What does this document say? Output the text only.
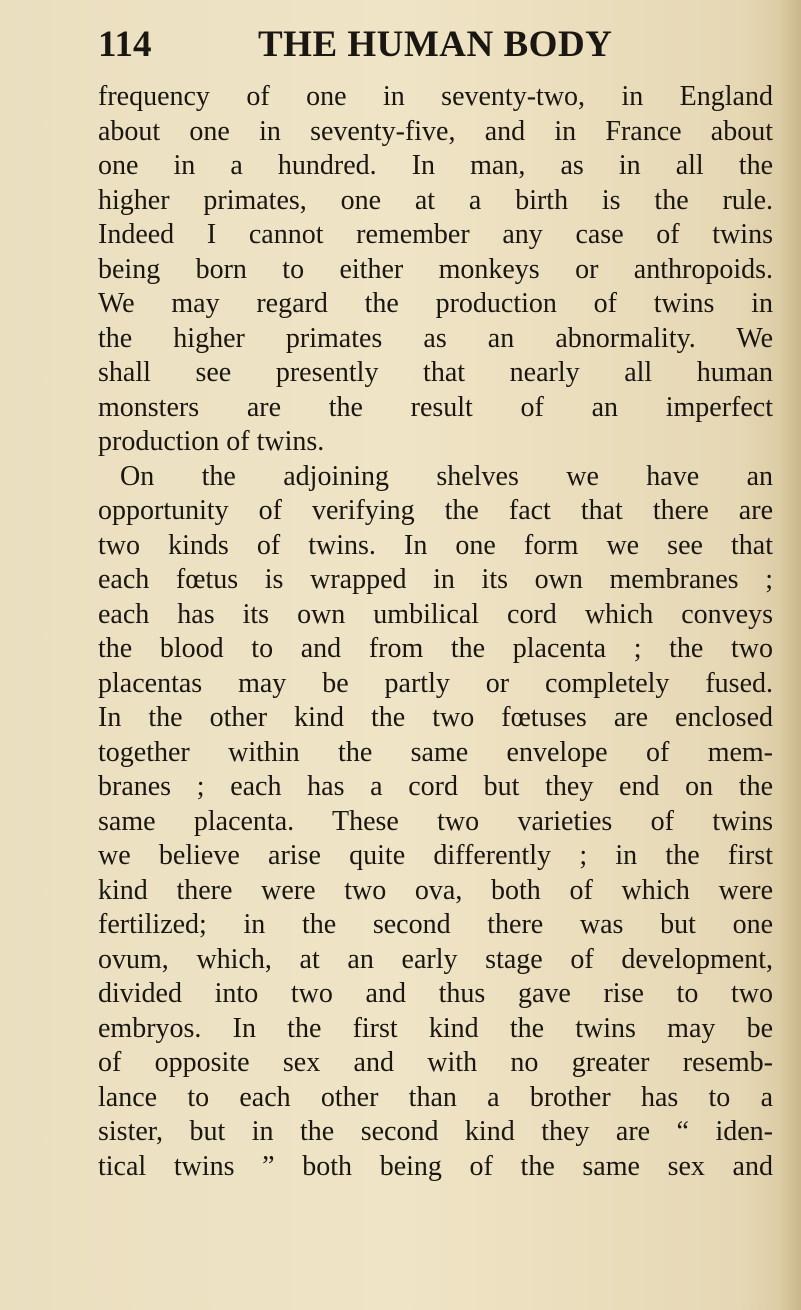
114	THE HUMAN BODY
frequency of one in seventy-two, in England
about one in seventy-five, and in France about
one in a hundred. In man, as in all the
higher primates, one at a birth is the rule.
Indeed I cannot remember any case of twins
being born to either monkeys or anthropoids.
We may regard the production of twins in
the higher primates as an abnormality. We
shall see presently that nearly all human
monsters are the result of an imperfect
production of twins.
On the adjoining shelves we have an
opportunity of verifying the fact that there are
two kinds of twins. In one form we see that
each fœtus is wrapped in its own membranes ;
each has its own umbilical cord which conveys
the blood to and from the placenta ; the two
placentas may be partly or completely fused.
In the other kind the two fœtuses are enclosed
together within the same envelope of mem-
branes ; each has a cord but they end on the
same placenta. These two varieties of twins
we believe arise quite differently ; in the first
kind there were two ova, both of which were
fertilized; in the second there was but one
ovum, which, at an early stage of development,
divided into two and thus gave rise to two
embryos. In the first kind the twins may be
of opposite sex and with no greater resemb-
lance to each other than a brother has to a
sister, but in the second kind they are “ iden-
tical twins ” both being of the same sex and
